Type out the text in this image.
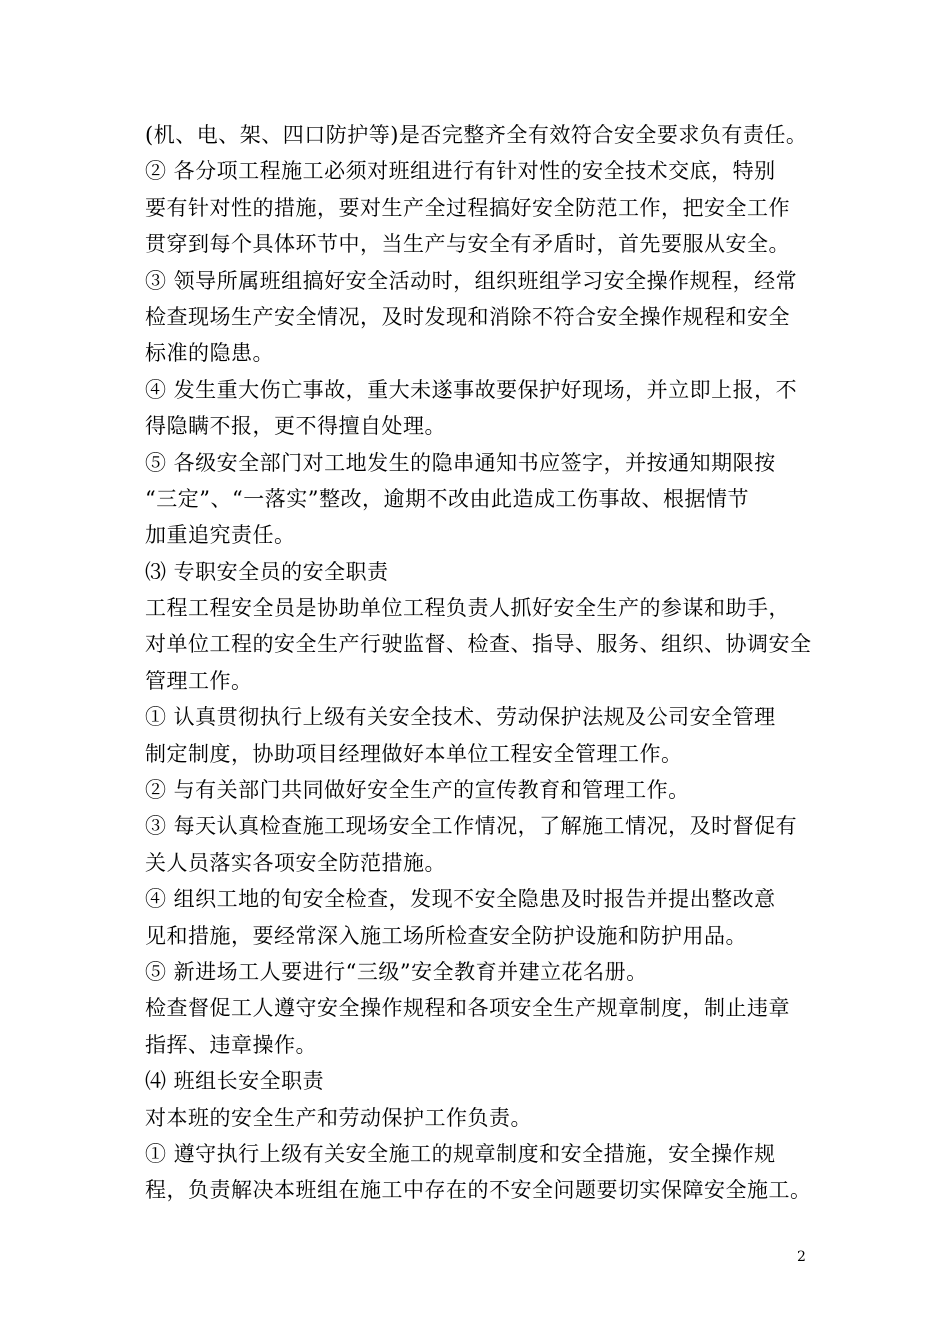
(机、电、架、四口防护等)是否完整齐全有效符合安全要求负有责任。
② 各分项工程施工必须对班组进行有针对性的安全技术交底，特别
要有针对性的措施，要对生产全过程搞好安全防范工作，把安全工作
贯穿到每个具体环节中，当生产与安全有矛盾时，首先要服从安全。
③ 领导所属班组搞好安全活动时，组织班组学习安全操作规程，经常
检查现场生产安全情况，及时发现和消除不符合安全操作规程和安全
标准的隐患。
④ 发生重大伤亡事故，重大未遂事故要保护好现场，并立即上报，不
得隐瞒不报，更不得擅自处理。
⑤ 各级安全部门对工地发生的隐串通知书应签字，并按通知期限按
“三定”、“一落实”整改，逾期不改由此造成工伤事故、根据情节
加重追究责任。
⑶ 专职安全员的安全职责
工程工程安全员是协助单位工程负责人抓好安全生产的参谋和助手，
对单位工程的安全生产行驶监督、检查、指导、服务、组织、协调安全
管理工作。
① 认真贯彻执行上级有关安全技术、劳动保护法规及公司安全管理
制定制度，协助项目经理做好本单位工程安全管理工作。
② 与有关部门共同做好安全生产的宣传教育和管理工作。
③ 每天认真检查施工现场安全工作情况，了解施工情况，及时督促有
关人员落实各项安全防范措施。
④ 组织工地的旬安全检查，发现不安全隐患及时报告并提出整改意
见和措施，要经常深入施工场所检查安全防护设施和防护用品。
⑤ 新进场工人要进行“三级”安全教育并建立花名册。
检查督促工人遵守安全操作规程和各项安全生产规章制度，制止违章
指挥、违章操作。
⑷ 班组长安全职责
对本班的安全生产和劳动保护工作负责。
① 遵守执行上级有关安全施工的规章制度和安全措施，安全操作规
程，负责解决本班组在施工中存在的不安全问题要切实保障安全施工。
2
